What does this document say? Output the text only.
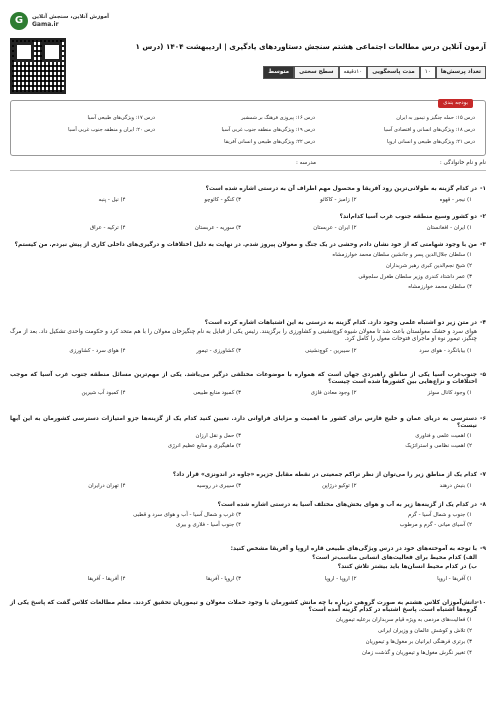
G	آموزش آنلاین، سنجش آنلاین
Gama.ir
آزمون آنلاین درس مطالعات اجتماعی هشتم سنجش دستاوردهای یادگیری | اردیبهشت ۱۴۰۴ (درس ۱
تعداد پرسش‌ها
۱۰
مدت پاسخگویی
۱۰دقیقه
سطح سختی
متوسط
بودجه بندی
درس ۱۵: حمله چنگیز و تیمور به ایران
درس ۱۶: پیروزی فرهنگ بر شمشیر
درس ۱۷: ویژگی‌های طبیعی آسیا
درس ۱۸: ویژگی‌های انسانی و اقتصادی آسیا
درس ۱۹: ویژگی‌های منطقه جنوب غربی آسیا
درس ۲۰: ایران و منطقه جنوب غربی آسیا
درس ۲۱: ویژگی‌های طبیعی و انسانی اروپا
درس ۲۲: ویژگی‌های طبیعی و انسانی آفریقا
نام و نام خانوادگی :
مدرسه :
۱-
در کدام گزینه به طولانی‌ترین رود آفریقا و محصول مهم اطراف آن به درستی اشاره شده است؟
۱) نیجر - قهوه
۲) زامبز - کاکائو
۳) کنگو - کائوچو
۴) نیل - پنبه
۲-
دو کشور وسیع منطقه جنوب غرب آسیا کدام‌اند؟
۱) ایران - افغانستان
۲) ایران - عربستان
۳) سوریه - عربستان
۴) ترکیه - عراق
۳-
من با وجود شهامتی که از خود نشان دادم وحشی در یک جنگ و مغولان پیروز شدم. در نهایت به دلیل اختلافات و درگیری‌های داخلی کاری از پیش نبردم. من کیستم؟
۱) سلطان جلال‌الدین پسر و جانشین سلطان محمد خوارزمشاه
۲) شیخ نجم‌الدین کبری رهبر شربداران
۳) عمر داشتاد کندری وزیر سلطان طغرل سلجوقی
۴) سلطان محمد خوارزمشاه
۴-
در متن زیر دو اشتباه علمی وجود دارد. کدام گزینه به درستی به این اشتباهات اشاره کرده است؟
هوای سرد و خشک مغولستان باعث شد تا مغولان شیوه کوچ‌نشینی و کشاورزی را برگزینند. رئیس یکی از قبایل به نام چنگیزخان مغولان را با هم متحد کرد و حکومت واحدی تشکیل داد. بعد از مرگ چنگیز، تیمور نوه او ماجرای فتوحات مغول را کامل کرد.
۱) بیابانگرد - هوای سرد
۲) سیبرین - کوچ‌نشینی
۳) کشاورزی - تیمور
۴) هوای سرد - کشاورزی
۵-
جنوب‌غرب آسیا یکی از مناطق راهبردی جهان است که همواره با موضوعات مختلفی درگیر می‌باشد. یکی از مهم‌ترین مسائل منطقه جنوب غرب آسیا که موجب اختلافات و نزاع‌هایی بین کشورها شده است چیست؟
۱) وجود کانال سوئز
۲) وجود معادن فازی
۳) کمبود منابع طبیعی
۴) کمبود آب شیرین
۶-
دسترسی به دریای عمان و خلیج فارس برای کشور ما اهمیت و مزایای فراوانی دارد. تعیین کنید کدام یک از گزینه‌ها جزو امتیازات دسترسی کشورمان به این آبها نیست؟
۱) اهمیت علمی و فناوری
۳) حمل و نقل ارزان
۲) اهمیت نظامی و استراتژیک
۴) ماهیگیری و منابع عظیم انرژی
۷-
کدام یک از مناطق زیر را می‌توان از نظر تراکم جمعیتی در نقطه مقابل جزیره «جاوه در اندونزی» قرار داد؟
۱) بنیش درهند
۲) توکیو درژاپن
۳) سیبری در روسیه
۴) تهران درایران
۸-
در کدام یک از گزینه‌ها زیر به آب و هوای بخش‌های مختلف آسیا به درستی اشاره شده است؟
۱) جنوب و شمال آسیا - گرم
۳) غرب و شمال آسیا - آب و هوای سرد و قطبی
۲) آسیای میانی - گرم و مرطوب
۴) جنوب آسیا - فلاری و بیری
۹-
با توجه به آموخته‌های خود در درس ویژگی‌های طبیعی قاره اروپا و آفریقا مشخص کنید:
الف) کدام محیط برای فعالیت‌های انسانی مناسب‌تر است؟
ب) در کدام محیط انسان‌ها باید بیشتر تلاش کنند؟
۱) آفریقا - اروپا
۲) اروپا - اروپا
۳) اروپا - آفریقا
۴) آفریقا - آفریقا
۱۰-
دانش‌آموزان کلاس هشتم به صورت گروهی درباره با چه مانش کشورمان با وجود حملات مغولان و تیموریان تحقیق کردند. معلم مطالعات کلاس گفت که پاسخ یکی از گروه‌ها اشتباه است. پاسخ اشتباه در کدام گزینه آمده است؟
۱) فعالیت‌های مردمی به ویژه قیام سربداران برعلیه تیموریان
۲) تلاش و کوشش عالمان و وزیران ایرانی
۳) برتری فرهنگی ایرانیان بر مغول‌ها و تیموریان
۴) تغییر نگرش مغول‌ها و تیموریان و گذشت زمان
